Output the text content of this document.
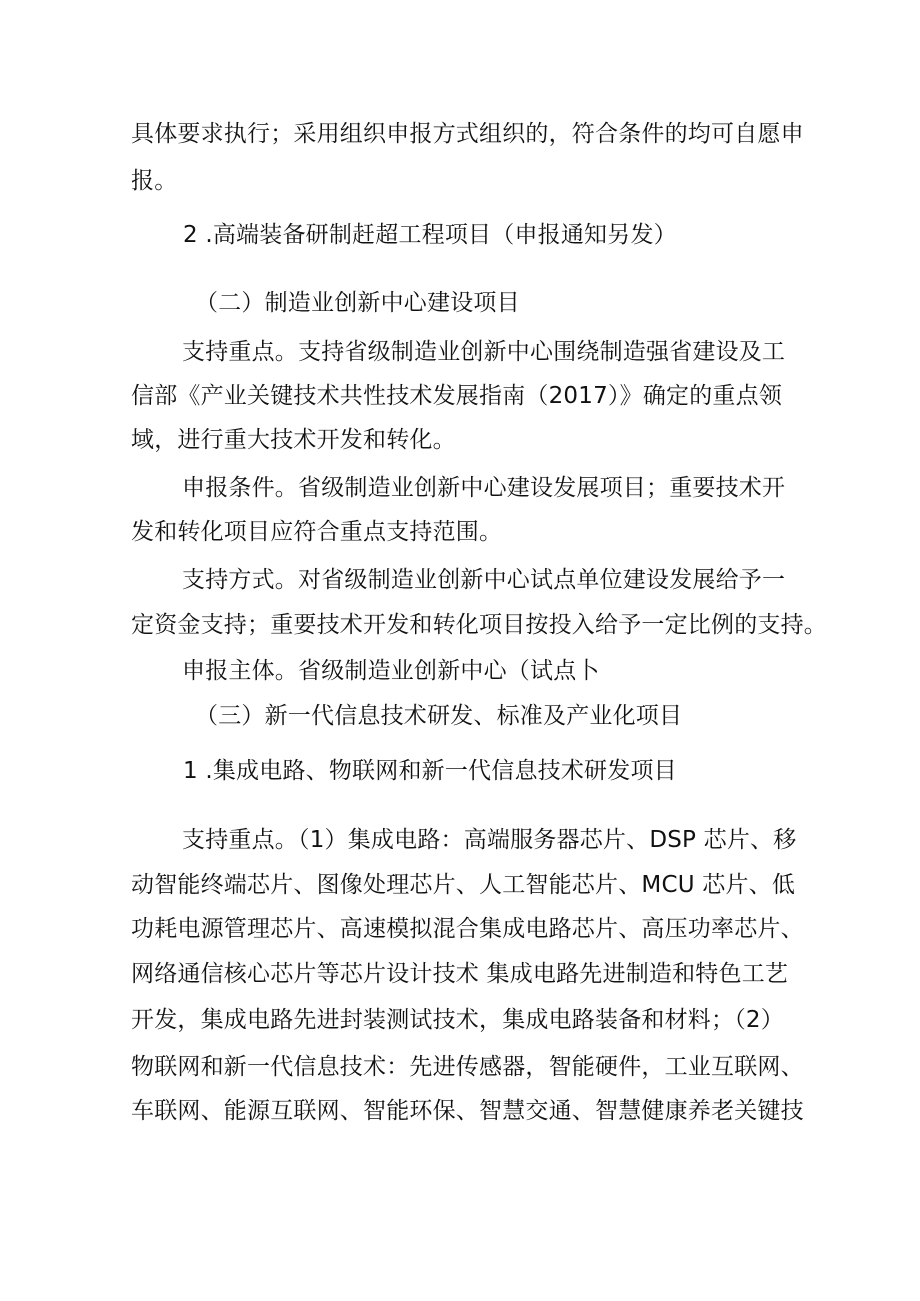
具体要求执行；采用组织申报方式组织的，符合条件的均可自愿申
报。
2 .高端装备研制赶超工程项目（申报通知另发）
（二）制造业创新中心建设项目
支持重点。支持省级制造业创新中心围绕制造强省建设及工
信部《产业关键技术共性技术发展指南（2017）》确定的重点领
域，进行重大技术开发和转化。
申报条件。省级制造业创新中心建设发展项目；重要技术开
发和转化项目应符合重点支持范围。
支持方式。对省级制造业创新中心试点单位建设发展给予一
定资金支持；重要技术开发和转化项目按投入给予一定比例的支持。
申报主体。省级制造业创新中心（试点卜
（三）新一代信息技术研发、标准及产业化项目
1 .集成电路、物联网和新一代信息技术研发项目
支持重点。（1）集成电路：高端服务器芯片、DSP 芯片、移
动智能终端芯片、图像处理芯片、人工智能芯片、MCU 芯片、低
功耗电源管理芯片、高速模拟混合集成电路芯片、高压功率芯片、
网络通信核心芯片等芯片设计技术 集成电路先进制造和特色工艺
开发，集成电路先进封装测试技术，集成电路装备和材料；（2）
物联网和新一代信息技术：先进传感器，智能硬件，工业互联网、
车联网、能源互联网、智能环保、智慧交通、智慧健康养老关键技
